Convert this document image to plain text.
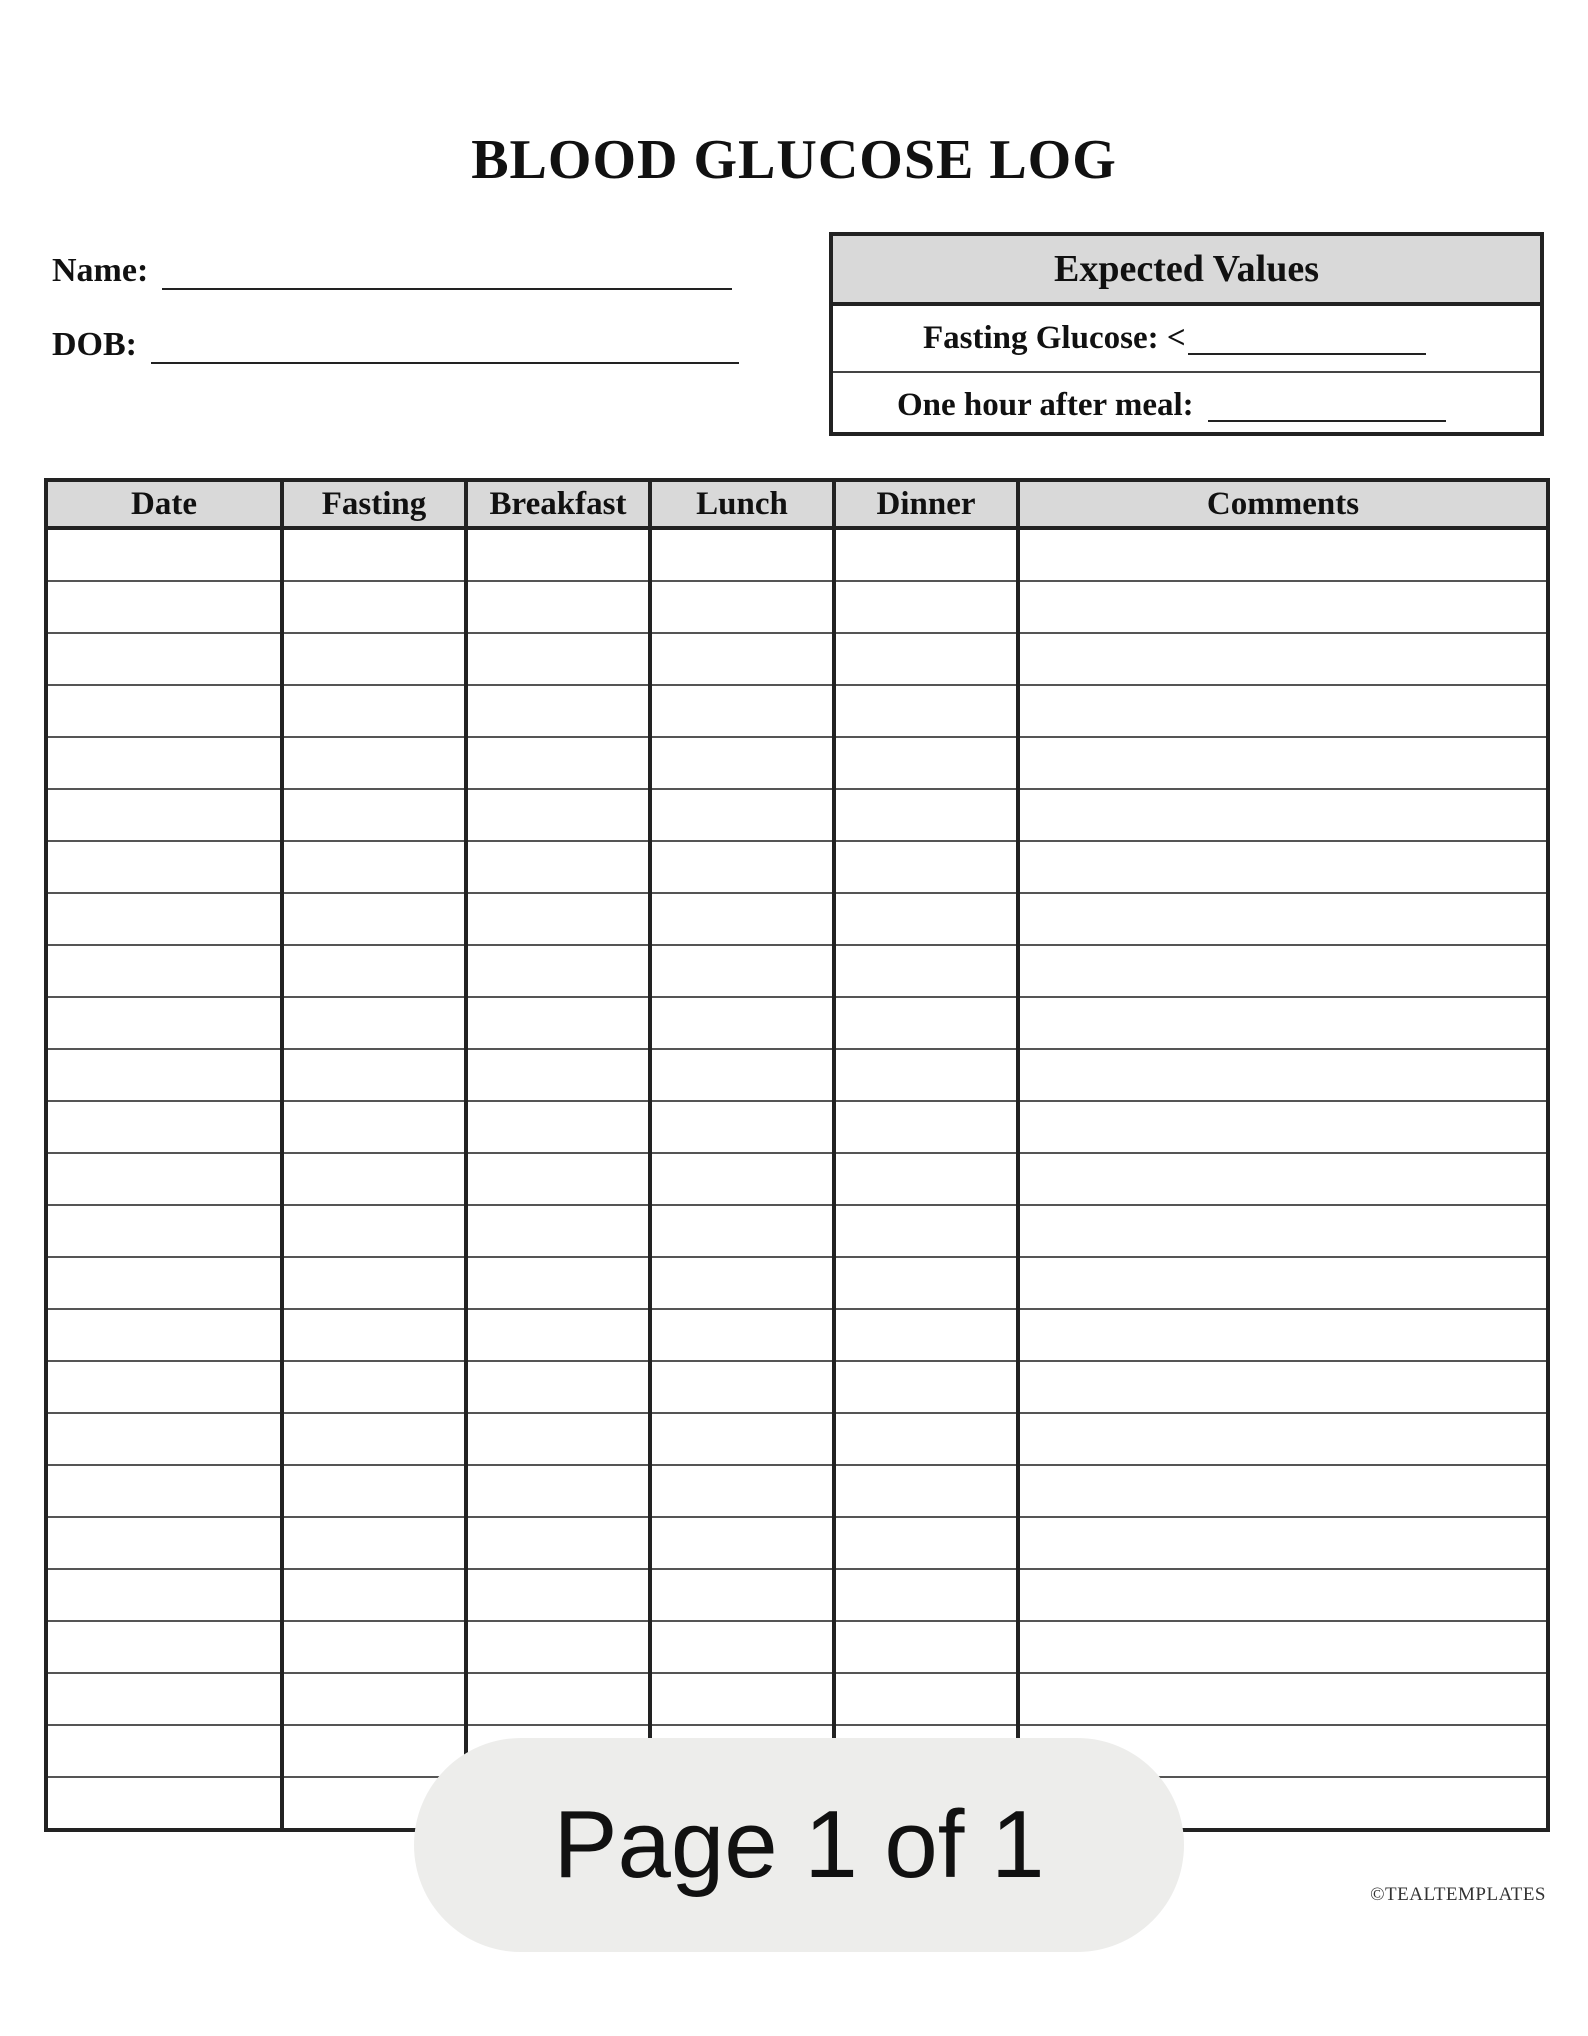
BLOOD GLUCOSE LOG
Name:
DOB:
Expected Values
Fasting Glucose: <
One hour after meal:
Date	Fasting	Breakfast	Lunch	Dinner	Comments

©TEALTEMPLATES
Page 1 of 1
